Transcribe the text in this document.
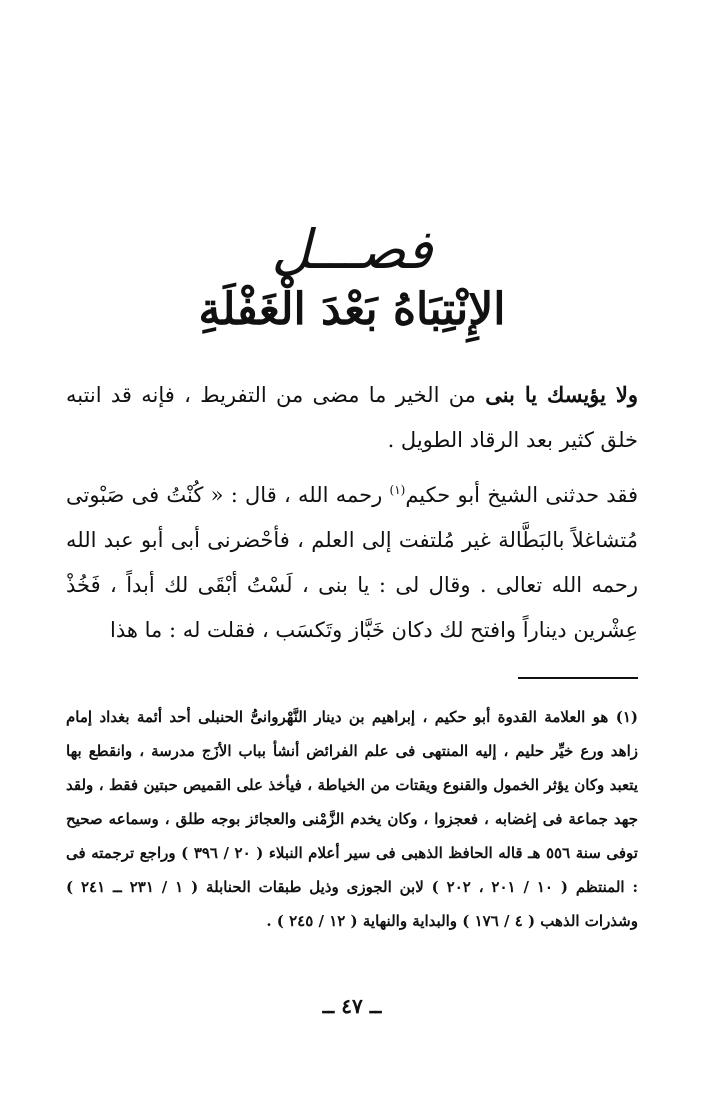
فصـــل
الإِنْتِبَاهُ بَعْدَ الْغَفْلَةِ

ولا يؤيسك يا بنى من الخير ما مضى من التفريط ، فإنه قد انتبه خلق كثير بعد الرقاد الطويل .

فقد حدثنى الشيخ أبو حكيم$^{(١)}$ رحمه الله ، قال : « كُنْتُ فى صَبْوتى مُتشاغلاً بالبَطَّالة غير مُلتفت إلى العلم ، فأحْضرنى أبى أبو عبد الله رحمه الله تعالى . وقال لى : يا بنى ، لَسْتُ أبْقَى لك أبداً ، فَخُذْ عِشْرين ديناراً وافتح لك دكان خَبَّاز وتَكسَب ، فقلت له : ما هذا

(١) هو العلامة القدوة أبو حكيم ، إبراهيم بن دينار النَّهْروانىُّ الحنبلى أحد أئمة بغداد إمام زاهد ورع خيِّر حليم ، إليه المنتهى فى علم الفرائض أنشأ بباب الأزَج مدرسة ، وانقطع بها يتعبد وكان يؤثر الخمول والقنوع ويقتات من الخياطة ، فيأخذ على القميص حبتين فقط ، ولقد جهد جماعة فى إغضابه ، فعجزوا ، وكان يخدم الزَّمْنى والعجائز بوجه طلق ، وسماعه صحيح توفى سنة ٥٥٦ هـ قاله الحافظ الذهبى فى سير أعلام النبلاء ( ٢٠ / ٣٩٦ ) وراجع ترجمته فى : المنتظم ( ١٠ / ٢٠١ ، ٢٠٢ ) لابن الجوزى وذيل طبقات الحنابلة ( ١ / ٢٣١ ــ ٢٤١ ) وشذرات الذهب ( ٤ / ١٧٦ ) والبداية والنهاية ( ١٢ / ٢٤٥ ) .

ــ ٤٧ ــ
